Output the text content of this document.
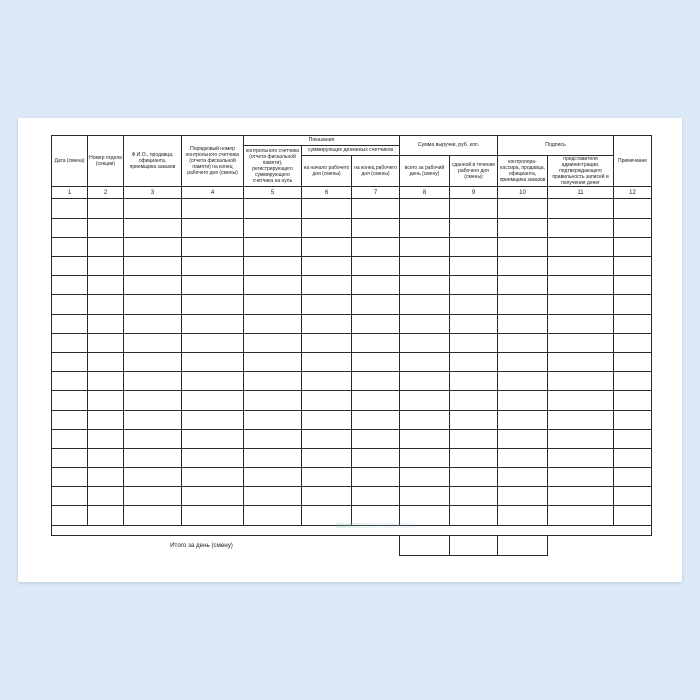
Дата (смена)	Номер отдела (секции)	Ф.И.О., продавца, официанта, приемщика заказов	Порядковый номер контрольного счетчика (отчета фискальной памяти) на конец рабочего дня (смены)	Показания			Сумма выручки, руб. коп.		Подпись		Примечание

				контрольного счетчика (отчета фискальной памяти), регистрирующего суммирующего счетчика на нуль	суммирующих денежных счетчиков						

					на начало рабочего дня (смены)	на конец рабочего дня (смены)	всего за рабочий день (смену)	сданной в течение рабочего дня (смены)	контролера-кассира, продавца, официанта, приемщика заказов	представителя администрации, подтверждающего правильность записей и получения денег	

1	2	3	4	5	6	7	8	9	10	11	12

Итого за день (смену)											
